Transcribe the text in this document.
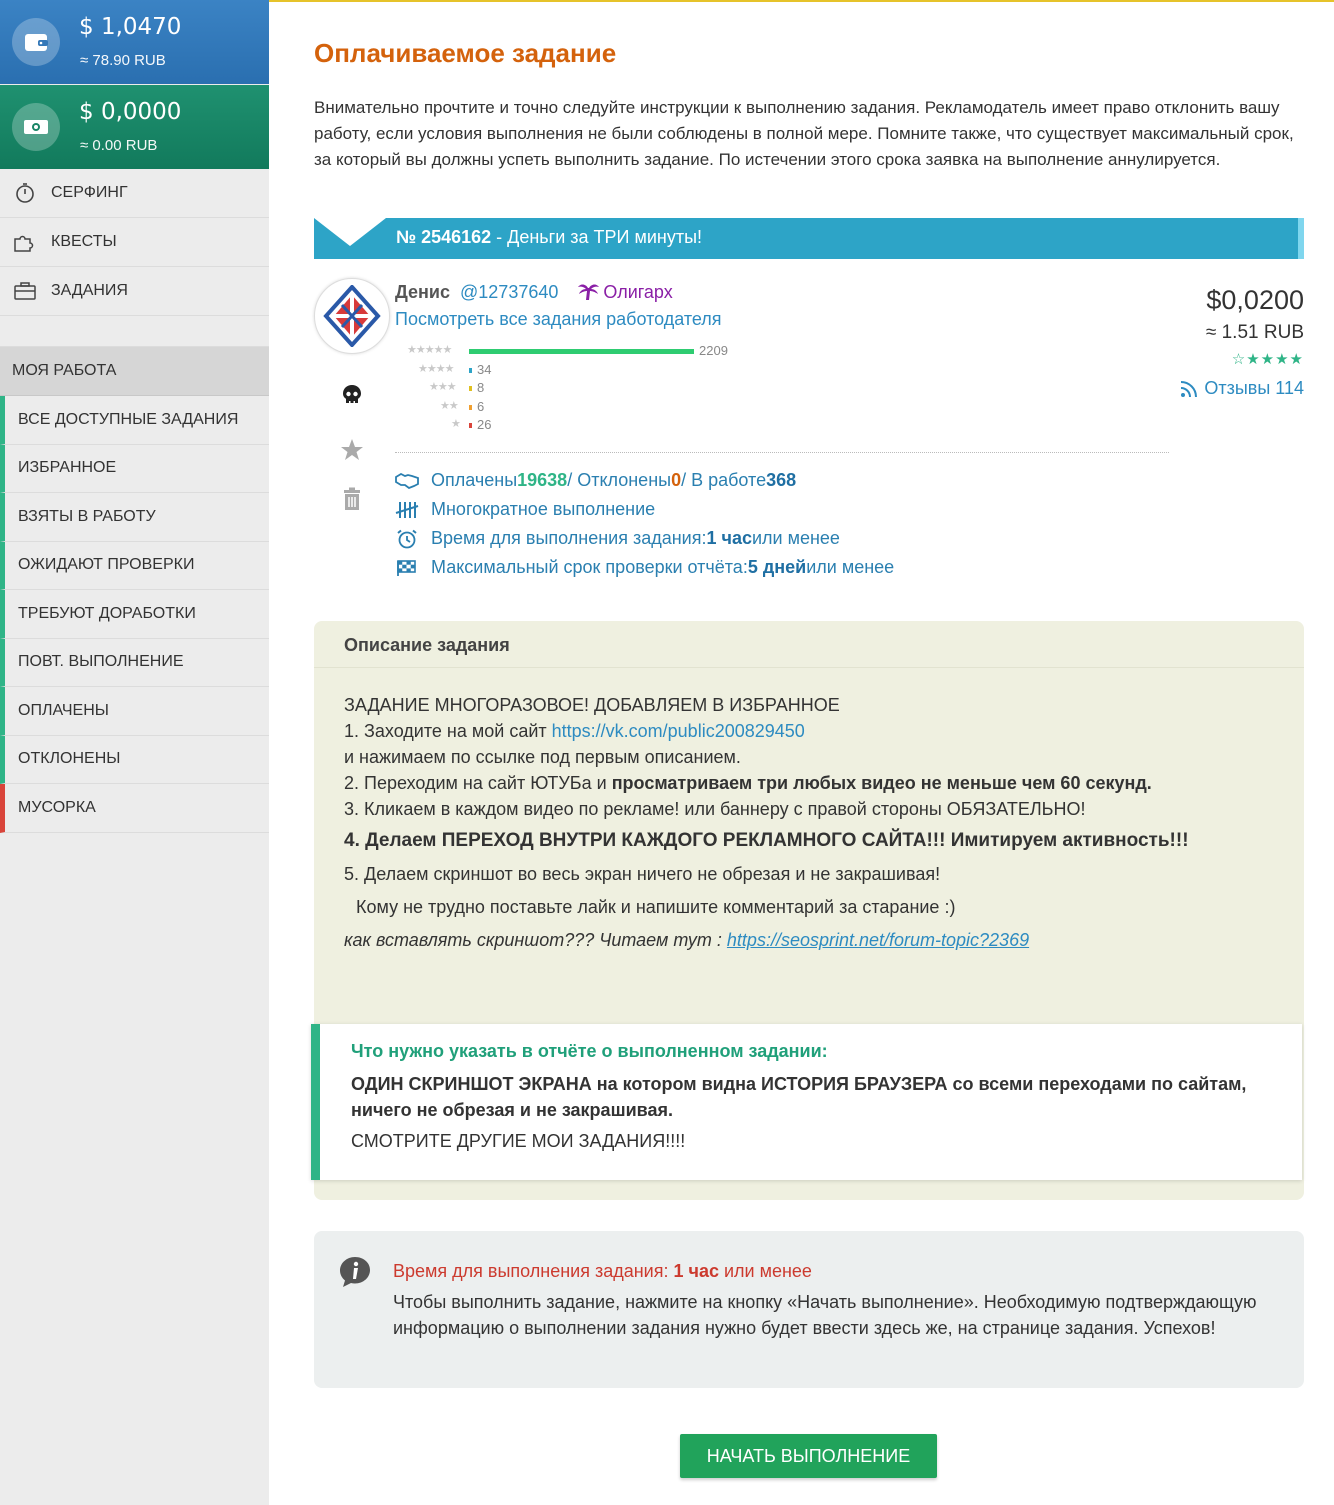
$ 1,0470
≈ 78.90 RUB
$ 0,0000
≈ 0.00 RUB
СЕРФИНГ
КВЕСТЫ
ЗАДАНИЯ
МОЯ РАБОТА
ВСЕ ДОСТУПНЫЕ ЗАДАНИЯ
ИЗБРАННОЕ
ВЗЯТЫ В РАБОТУ
ОЖИДАЮТ ПРОВЕРКИ
ТРЕБУЮТ ДОРАБОТКИ
ПОВТ. ВЫПОЛНЕНИЕ
ОПЛАЧЕНЫ
ОТКЛОНЕНЫ
МУСОРКА
Оплачиваемое задание
Внимательно прочтите и точно следуйте инструкции к выполнению задания. Рекламодатель имеет право отклонить вашу работу, если условия выполнения не были соблюдены в полной мере. Помните также, что существует максимальный срок, за который вы должны успеть выполнить задание. По истечении этого срока заявка на выполнение аннулируется.
№ 2546162 - Деньги за ТРИ минуты!
Денис @12737640	Олигарх
Посмотреть все задания работодателя
★★★★★	2209
★★★★ 34
★★★ 8
★★ 6
★ 26
$0,0200
≈ 1.51 RUB
☆★★★★
Отзывы 114
Оплачены 19638 / Отклонены 0 / В работе 368
Многократное выполнение
Время для выполнения задания: 1 час или менее
Максимальный срок проверки отчёта: 5 дней или менее
Описание задания

ЗАДАНИЕ МНОГОРАЗОВОЕ! ДОБАВЛЯЕМ В ИЗБРАННОЕ

1. Заходите на мой сайт https://vk.com/public200829450

и нажимаем по ссылке под первым описанием.

2. Переходим на сайт ЮТУБа и просматриваем три любых видео не меньше чем 60 секунд.

3. Кликаем в каждом видео по рекламе! или баннеру с правой стороны ОБЯЗАТЕЛЬНО!

4. Делаем ПЕРЕХОД ВНУТРИ КАЖДОГО РЕКЛАМНОГО САЙТА!!! Имитируем активность!!!

5. Делаем скриншот во весь экран ничего не обрезая и не закрашивая!

Кому не трудно поставьте лайк и напишите комментарий за старание :)

как вставлять скриншот??? Читаем тут : https://seosprint.net/forum-topic?2369

Что нужно указать в отчёте о выполненном задании:
ОДИН СКРИНШОТ ЭКРАНА на котором видна ИСТОРИЯ БРАУЗЕРА со всеми переходами по сайтам, ничего не обрезая и не закрашивая.
СМОТРИТЕ ДРУГИЕ МОИ ЗАДАНИЯ!!!!
Время для выполнения задания: 1 час или менее
Чтобы выполнить задание, нажмите на кнопку «Начать выполнение». Необходимую подтверждающую информацию о выполнении задания нужно будет ввести здесь же, на странице задания. Успехов!
НАЧАТЬ ВЫПОЛНЕНИЕ
